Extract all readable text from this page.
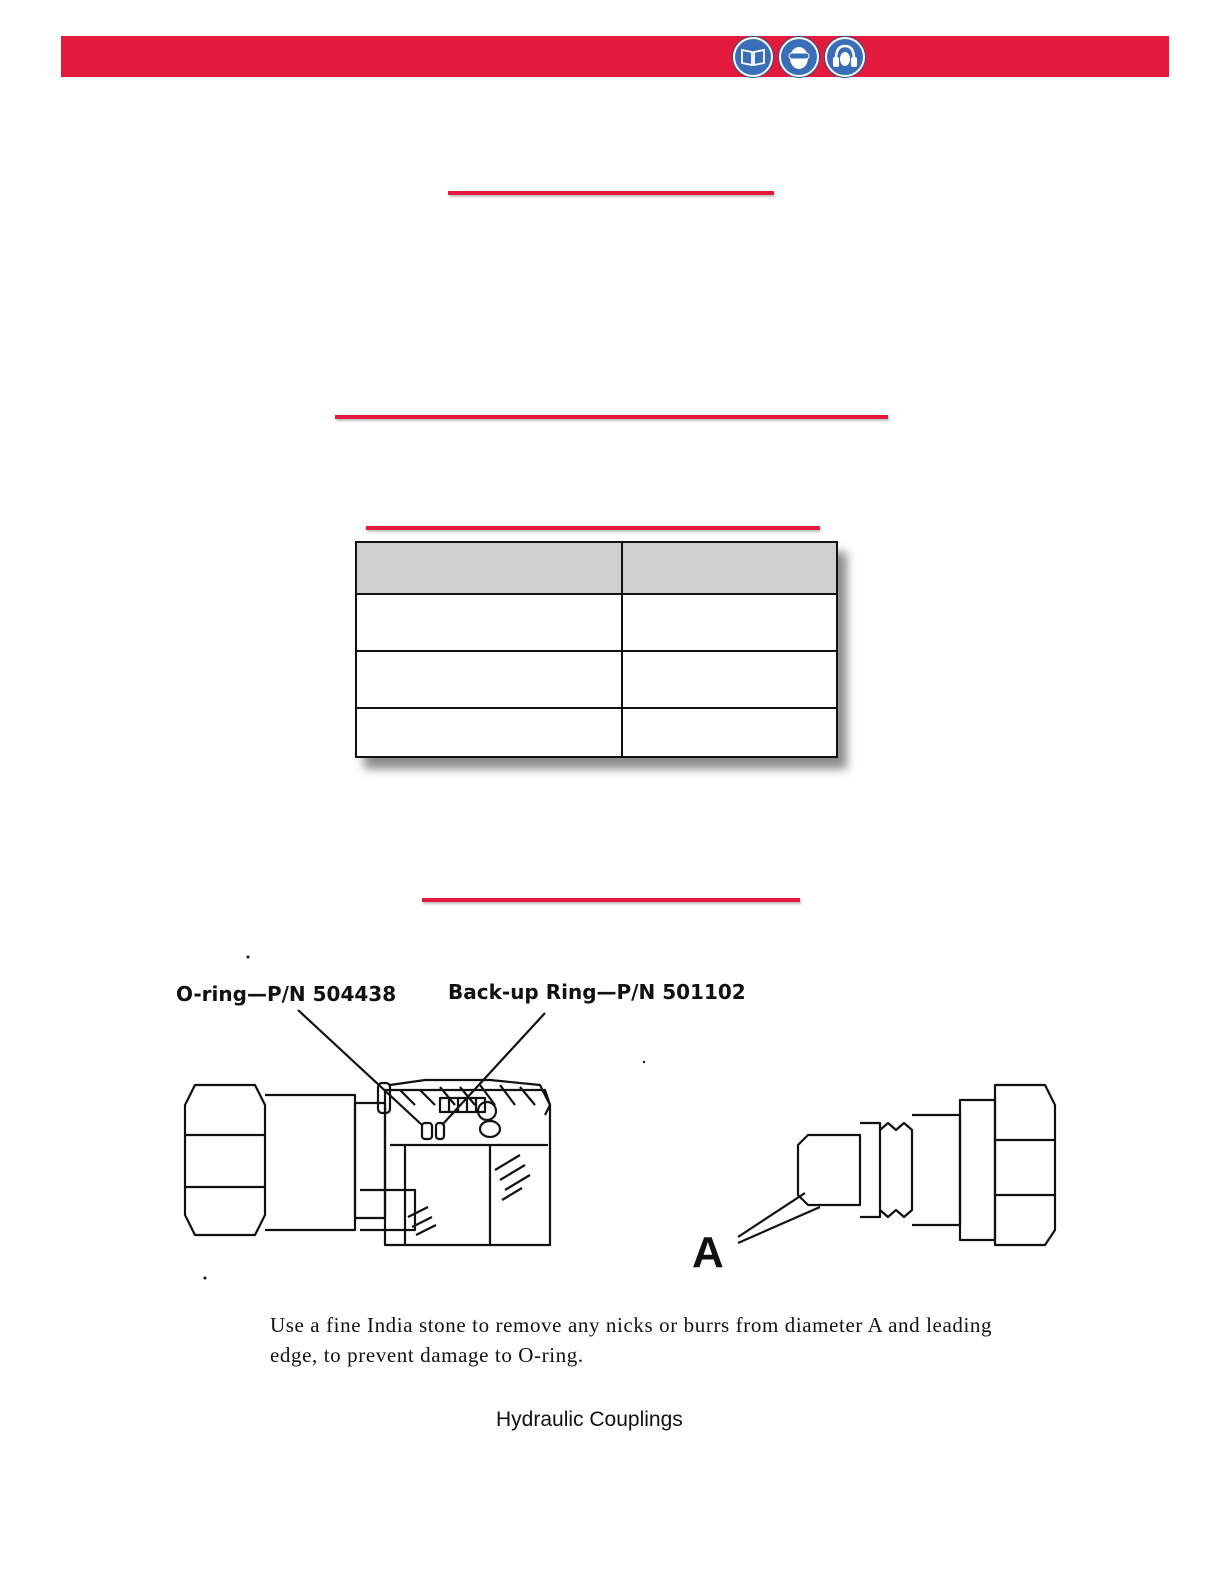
O-ring—P/N 504438	Back-up Ring—P/N 501102
A
Use a fine India stone to remove any nicks or burrs from diameter A and leading edge, to prevent damage to O-ring.
Hydraulic Couplings
